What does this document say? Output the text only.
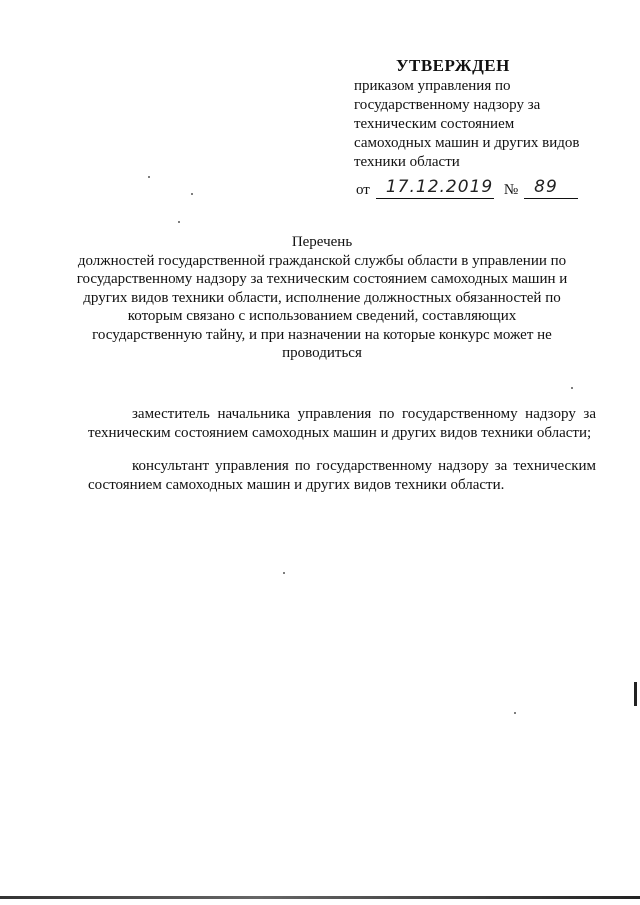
УТВЕРЖДЕН
приказом управления по
государственному надзору за
техническим состоянием
самоходных машин и других видов
техники области
от 17.12.2019 № 89
Перечень
должностей государственной гражданской службы области в управлении по государственному надзору за техническим состоянием самоходных машин и других видов техники области, исполнение должностных обязанностей по которым связано с использованием сведений, составляющих государственную тайну, и при назначении на которые конкурс может не проводиться

заместитель начальника управления по государственному надзору за техническим состоянием самоходных машин и других видов техники области;

консультант управления по государственному надзору за техническим состоянием самоходных машин и других видов техники области.
